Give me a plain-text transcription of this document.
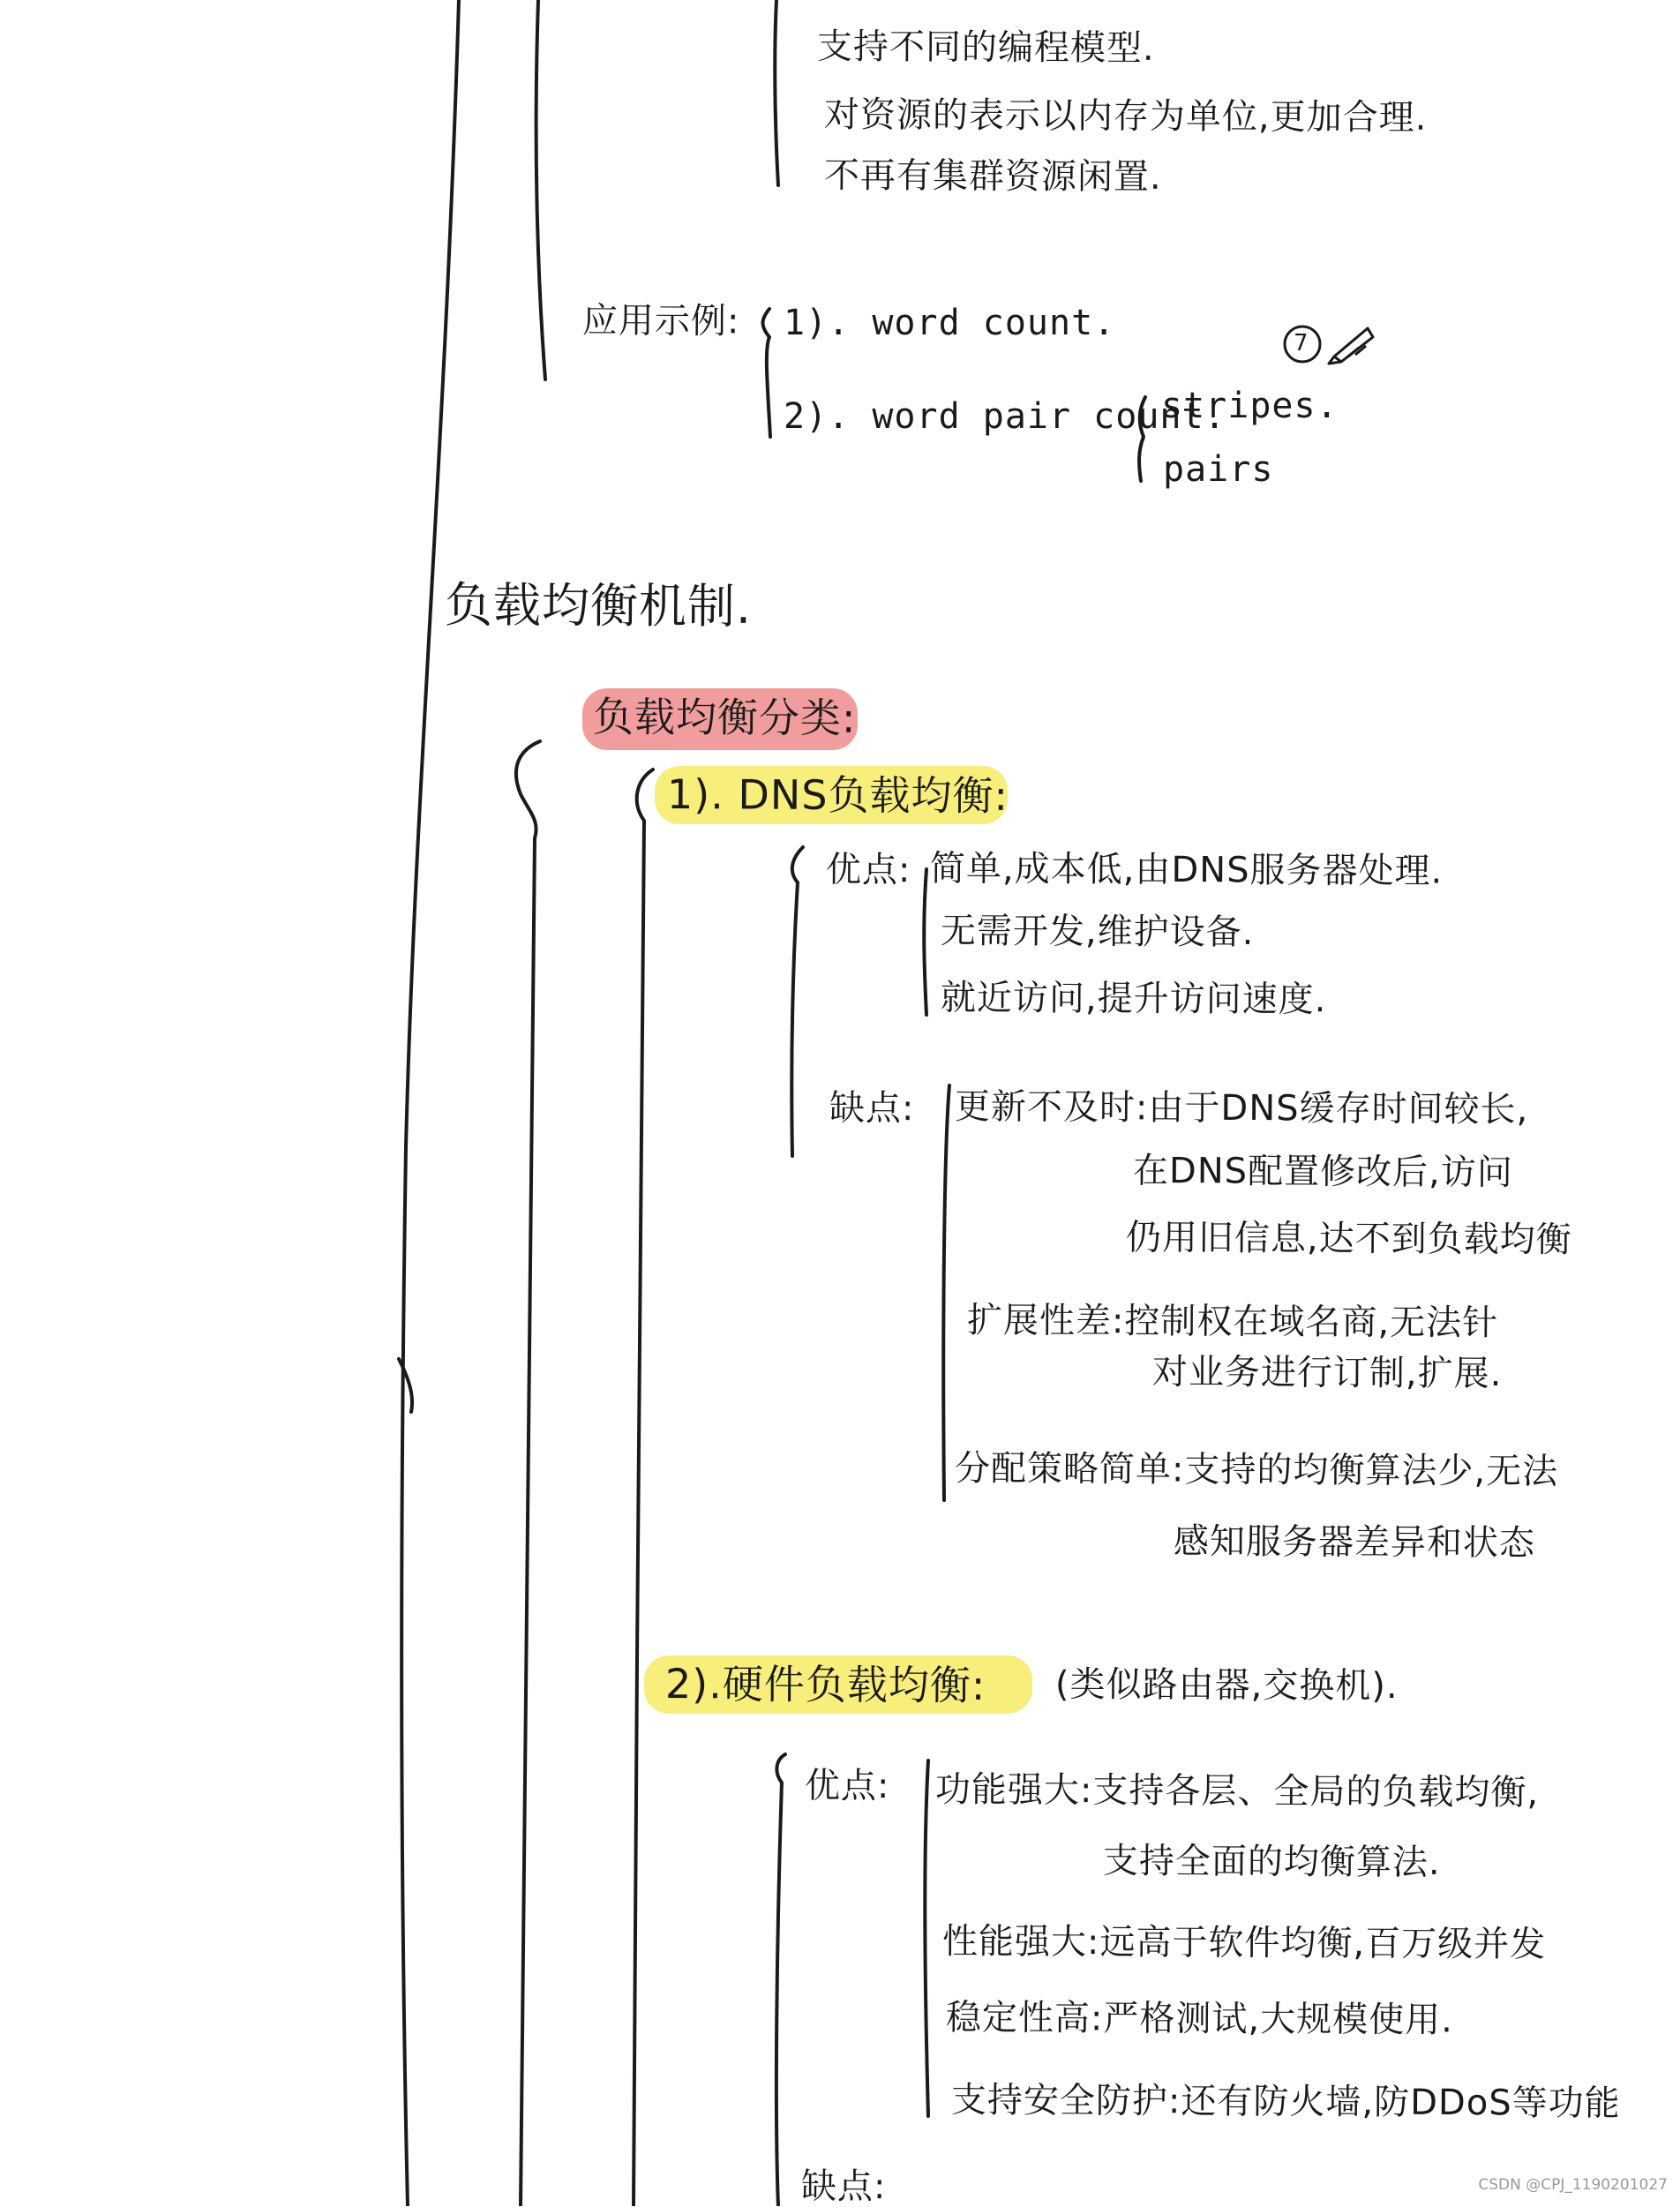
支持不同的编程模型.
对资源的表示以内存为单位,更加合理.
不再有集群资源闲置.
应用示例: 1). word count.
2). word pair count.
stripes.
pairs
7
负载均衡机制.
负载均衡分类:
1). DNS负载均衡:
优点: 简单,成本低,由DNS服务器处理.
无需开发,维护设备.
就近访问,提升访问速度.
缺点: 更新不及时:由于DNS缓存时间较长,
在DNS配置修改后,访问
仍用旧信息,达不到负载均衡
扩展性差:控制权在域名商,无法针
对业务进行订制,扩展.
分配策略简单:支持的均衡算法少,无法
感知服务器差异和状态
2).硬件负载均衡: (类似路由器,交换机).
优点: 功能强大:支持各层、全局的负载均衡,
支持全面的均衡算法.
性能强大:远高于软件均衡,百万级并发
稳定性高:严格测试,大规模使用.
支持安全防护:还有防火墙,防DDoS等功能
缺点:	CSDN @CPJ_1190201027
